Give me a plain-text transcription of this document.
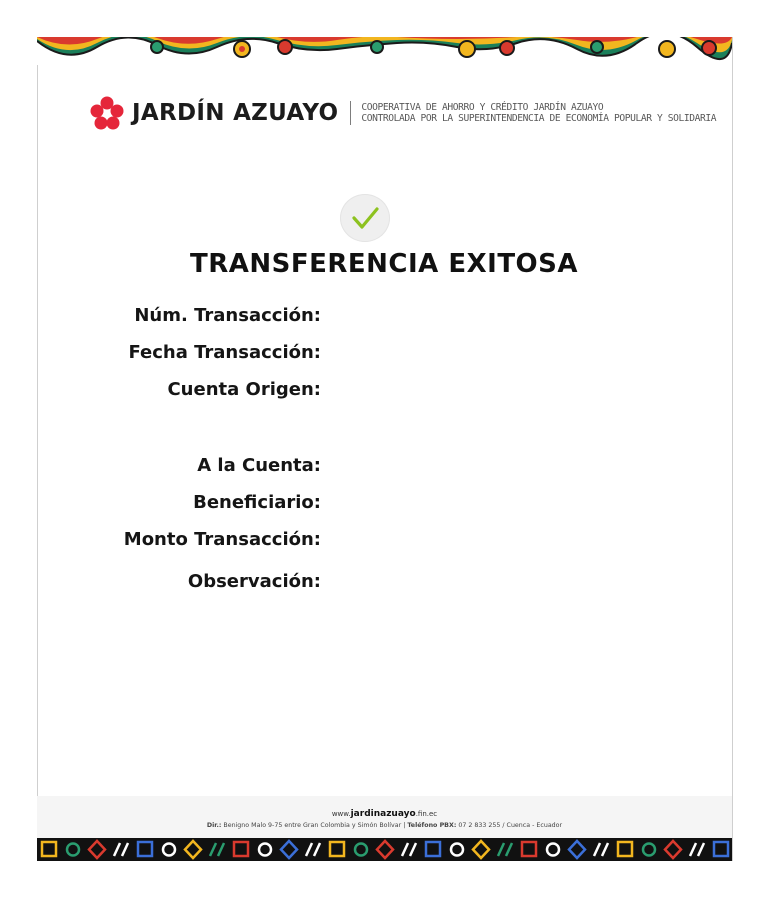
JARDÍN AZUAYO COOPERATIVA DE AHORRO Y CRÉDITO JARDÍN AZUAYO
CONTROLADA POR LA SUPERINTENDENCIA DE ECONOMÍA POPULAR Y SOLIDARIA
TRANSFERENCIA EXITOSA
Núm. Transacción:
Fecha Transacción:
Cuenta Origen:
A la Cuenta:
Beneficiario:
Monto Transacción:
Observación:
www.jardinazuayo.fin.ec
Dir.: Benigno Malo 9-75 entre Gran Colombia y Simón Bolívar | Teléfono PBX: 07 2 833 255 / Cuenca - Ecuador
